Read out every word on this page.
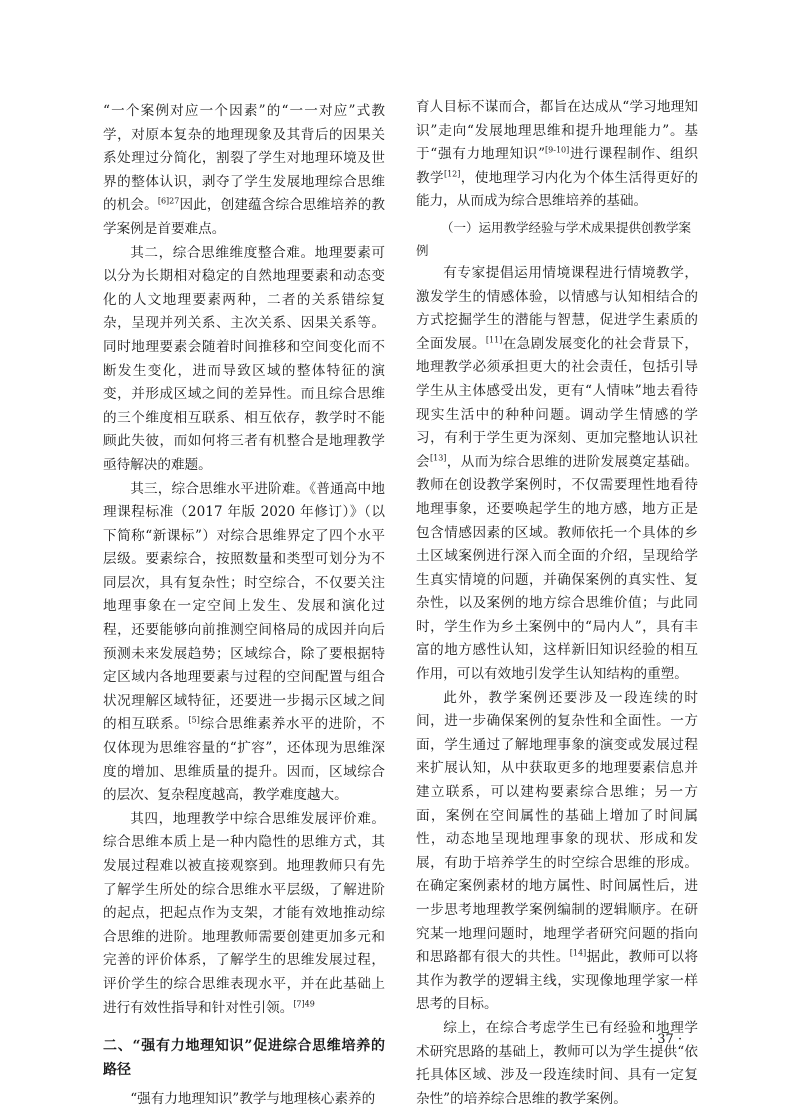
“一个案例对应一个因素”的“一一对应”式教学，对原本复杂的地理现象及其背后的因果关系处理过分简化，割裂了学生对地理环境及世界的整体认识，剥夺了学生发展地理综合思维的机会。$^{[6]27}$因此，创建蕴含综合思维培养的教学案例是首要难点。

其二，综合思维维度整合难。地理要素可以分为长期相对稳定的自然地理要素和动态变化的人文地理要素两种，二者的关系错综复杂，呈现并列关系、主次关系、因果关系等。同时地理要素会随着时间推移和空间变化而不断发生变化，进而导致区域的整体特征的演变，并形成区域之间的差异性。而且综合思维的三个维度相互联系、相互依存，教学时不能顾此失彼，而如何将三者有机整合是地理教学亟待解决的难题。

其三，综合思维水平进阶难。《普通高中地理课程标准（2017 年版 2020 年修订）》（以下简称“新课标”）对综合思维界定了四个水平层级。要素综合，按照数量和类型可划分为不同层次，具有复杂性；时空综合，不仅要关注地理事象在一定空间上发生、发展和演化过程，还要能够向前推测空间格局的成因并向后预测未来发展趋势；区域综合，除了要根据特定区域内各地理要素与过程的空间配置与组合状况理解区域特征，还要进一步揭示区域之间的相互联系。[5]综合思维素养水平的进阶，不仅体现为思维容量的“扩容”，还体现为思维深度的增加、思维质量的提升。因而，区域综合的层次、复杂程度越高，教学难度越大。

其四，地理教学中综合思维发展评价难。综合思维本质上是一种内隐性的思维方式，其发展过程难以被直接观察到。地理教师只有先了解学生所处的综合思维水平层级，了解进阶的起点，把起点作为支架，才能有效地推动综合思维的进阶。地理教师需要创建更加多元和完善的评价体系，了解学生的思维发展过程，评价学生的综合思维表现水平，并在此基础上进行有效性指导和针对性引领。$^{[7]49}$

二、“强有力地理知识”促进综合思维培养的路径

“强有力地理知识”教学与地理核心素养的

育人目标不谋而合，都旨在达成从“学习地理知识”走向“发展地理思维和提升地理能力”。基于“强有力地理知识”[9-10]进行课程制作、组织教学[12]，使地理学习内化为个体生活得更好的能力，从而成为综合思维培养的基础。

（一）运用教学经验与学术成果提供创教学案例

有专家提倡运用情境课程进行情境教学，激发学生的情感体验，以情感与认知相结合的方式挖掘学生的潜能与智慧，促进学生素质的全面发展。[11]在急剧发展变化的社会背景下，地理教学必须承担更大的社会责任，包括引导学生从主体感受出发，更有“人情味”地去看待现实生活中的种种问题。调动学生情感的学习，有利于学生更为深刻、更加完整地认识社会[13]，从而为综合思维的进阶发展奠定基础。教师在创设教学案例时，不仅需要理性地看待地理事象，还要唤起学生的地方感，地方正是包含情感因素的区域。教师依托一个具体的乡土区域案例进行深入而全面的介绍，呈现给学生真实情境的问题，并确保案例的真实性、复杂性，以及案例的地方综合思维价值；与此同时，学生作为乡土案例中的“局内人”，具有丰富的地方感性认知，这样新旧知识经验的相互作用，可以有效地引发学生认知结构的重塑。

此外，教学案例还要涉及一段连续的时间，进一步确保案例的复杂性和全面性。一方面，学生通过了解地理事象的演变或发展过程来扩展认知，从中获取更多的地理要素信息并建立联系，可以建构要素综合思维；另一方面，案例在空间属性的基础上增加了时间属性，动态地呈现地理事象的现状、形成和发展，有助于培养学生的时空综合思维的形成。在确定案例素材的地方属性、时间属性后，进一步思考地理教学案例编制的逻辑顺序。在研究某一地理问题时，地理学者研究问题的指向和思路都有很大的共性。[14]据此，教师可以将其作为教学的逻辑主线，实现像地理学家一样思考的目标。

综上，在综合考虑学生已有经验和地理学术研究思路的基础上，教师可以为学生提供“依托具体区域、涉及一段连续时间、具有一定复杂性”的培养综合思维的教学案例。

· 37 ·
